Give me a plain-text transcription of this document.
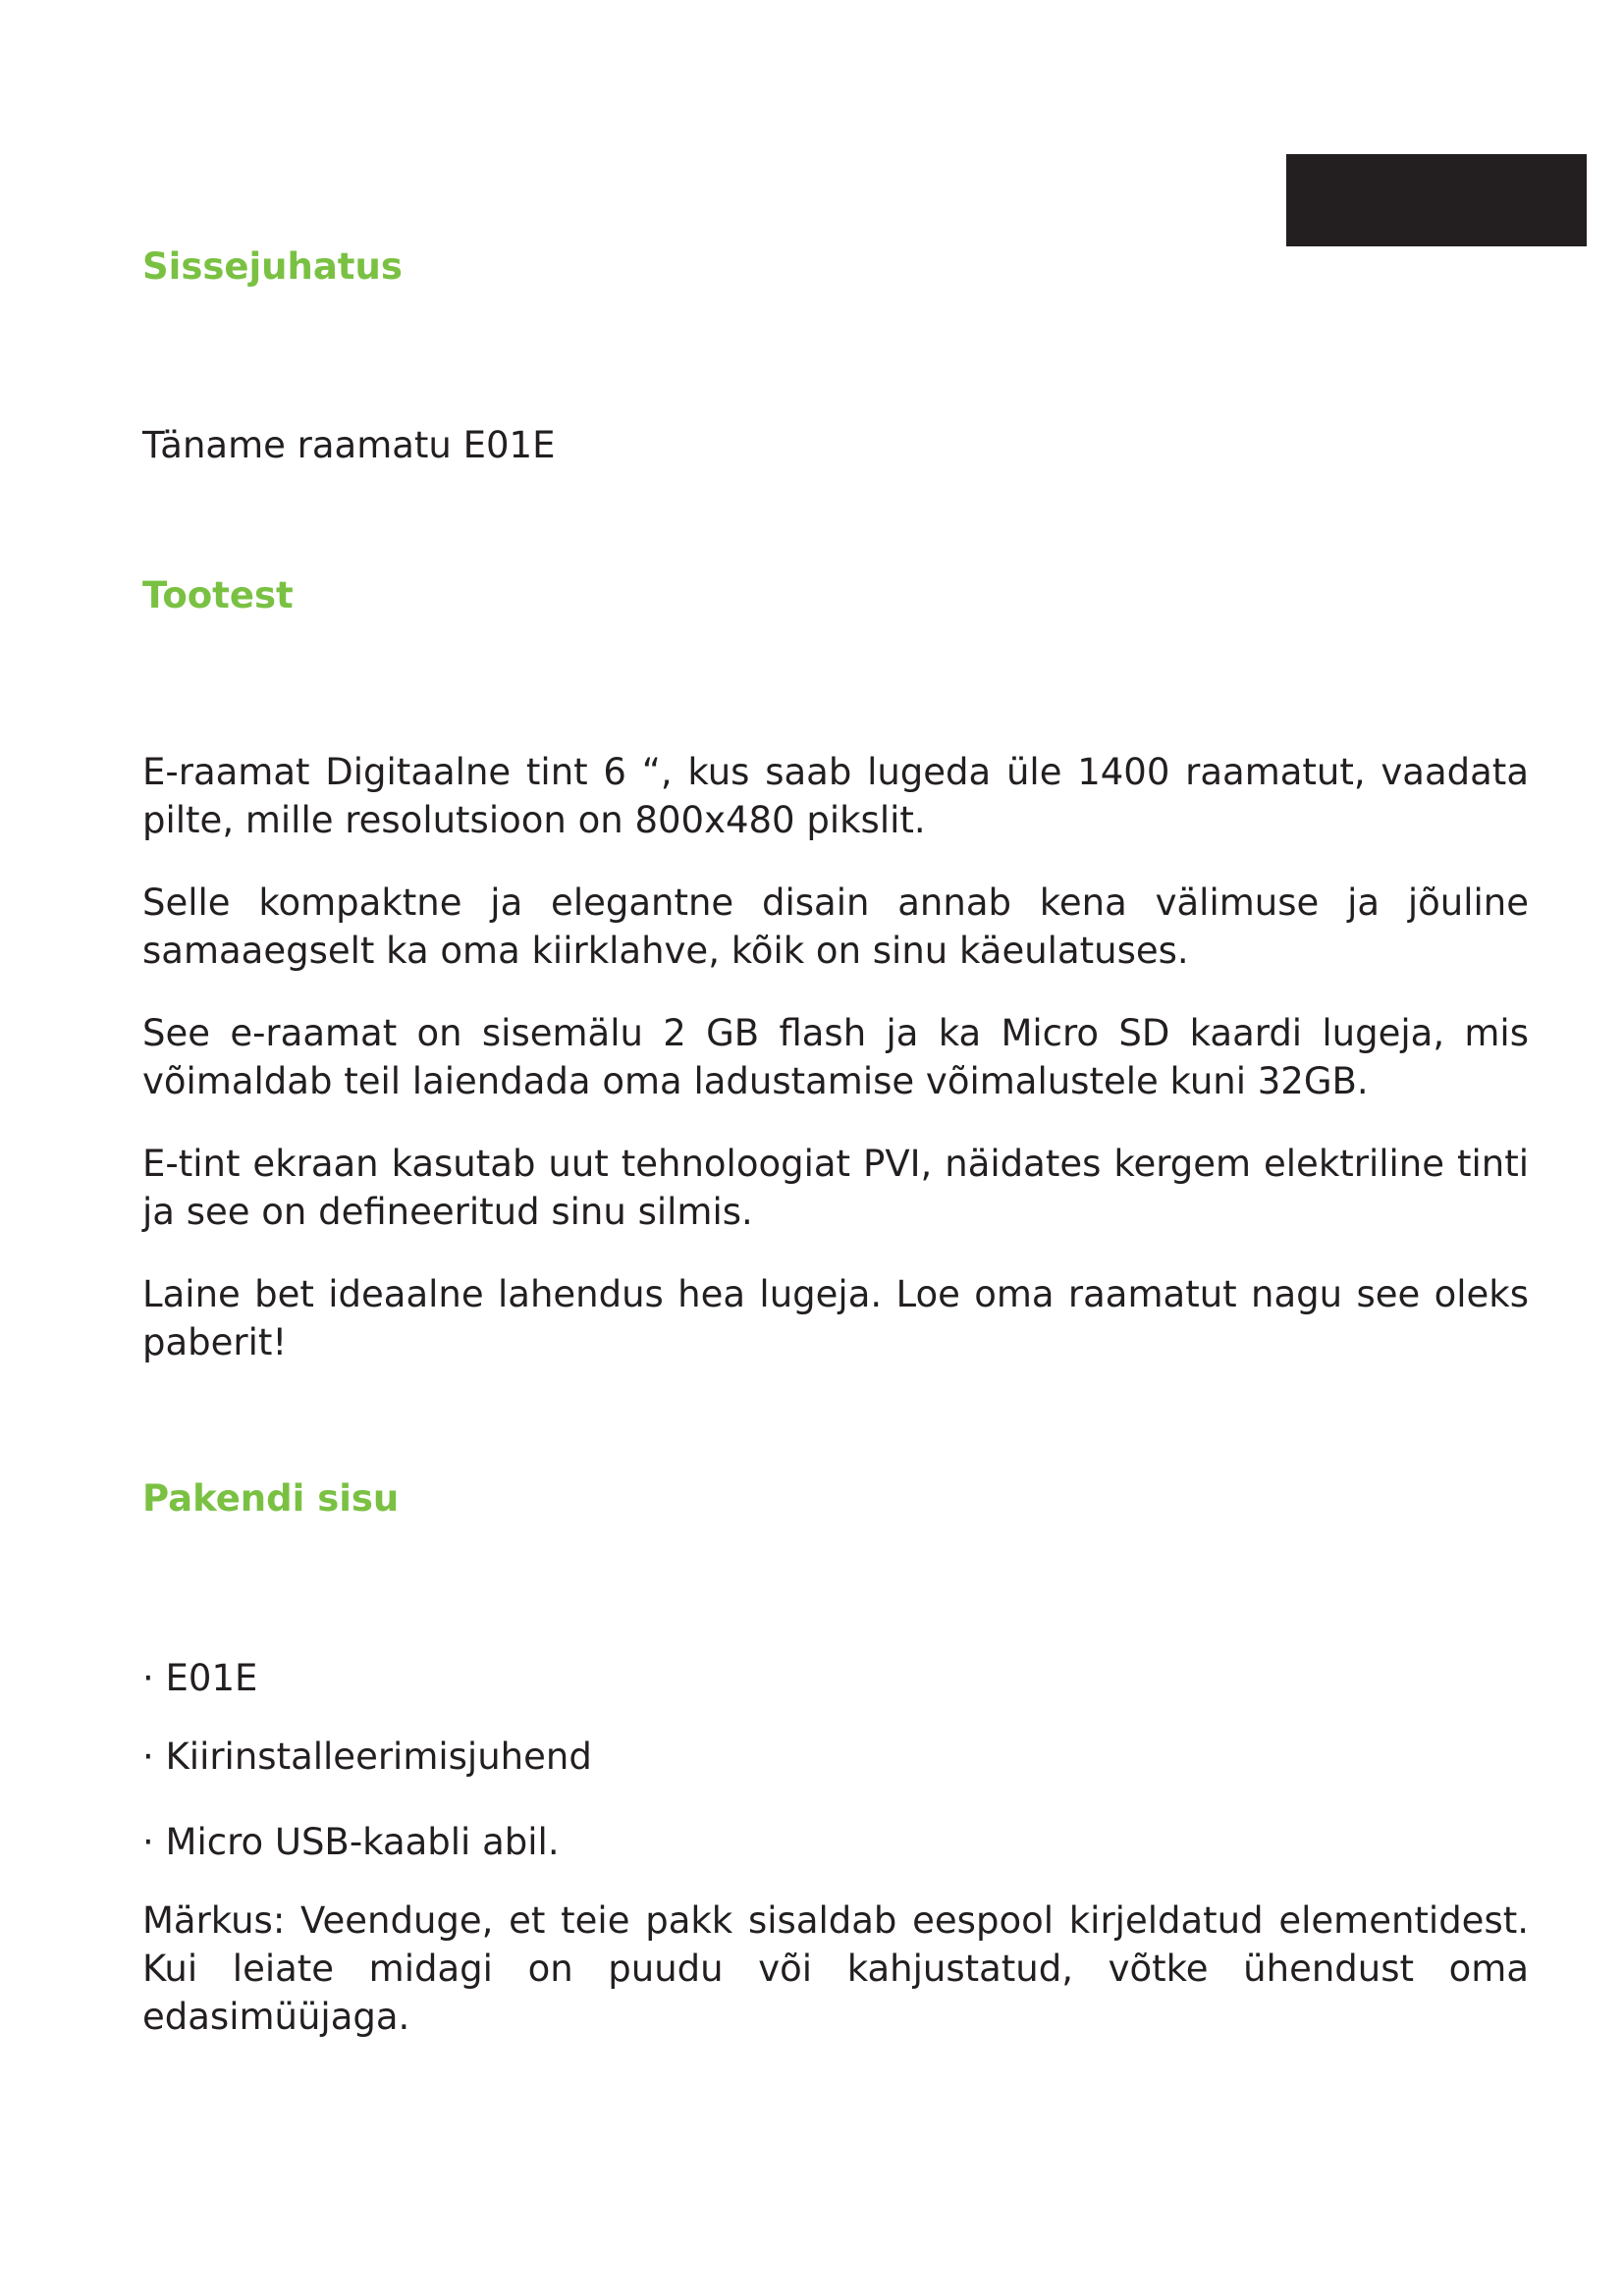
Sissejuhatus

Täname raamatu E01E

Tootest

E-raamat Digitaalne tint 6 “, kus saab lugeda üle 1400 raamatut, vaadata pilte, mille resolutsioon on 800x480 pikslit.

Selle kompaktne ja elegantne disain annab kena välimuse ja jõuline samaaegselt ka oma kiirklahve, kõik on sinu käeulatuses.

See e-raamat on sisemälu 2 GB flash ja ka Micro SD kaardi lugeja, mis võimaldab teil laiendada oma ladustamise võimalustele kuni 32GB.

E-tint ekraan kasutab uut tehnoloogiat PVI, näidates kergem elektriline tinti ja see on defineeritud sinu silmis.

Laine bet ideaalne lahendus hea lugeja. Loe oma raamatut nagu see oleks paberit!

Pakendi sisu

· E01E

· Kiirinstalleerimisjuhend

· Micro USB-kaabli abil.

Märkus: Veenduge, et teie pakk sisaldab eespool kirjeldatud elementidest. Kui leiate midagi on puudu või kahjustatud, võtke ühendust oma edasimüüjaga.
